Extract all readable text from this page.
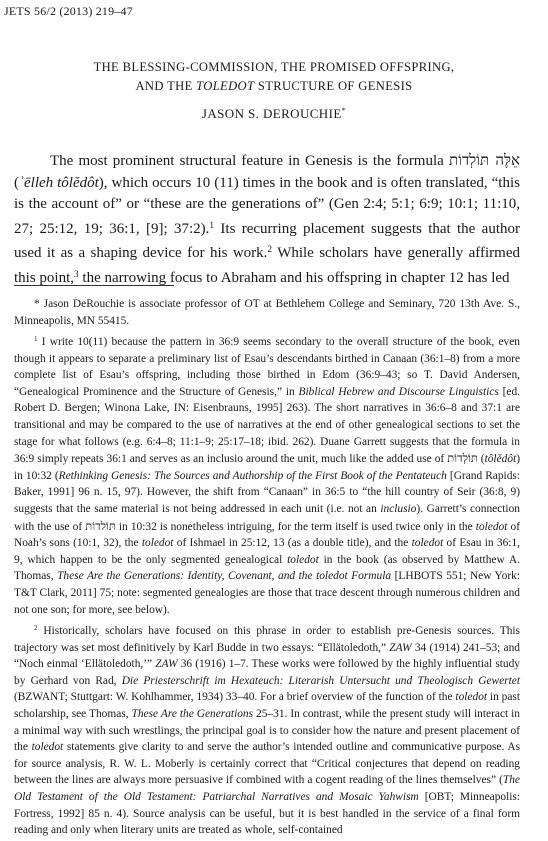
JETS 56/2 (2013) 219–47
THE BLESSING-COMMISSION, THE PROMISED OFFSPRING,
AND THE TOLEDOT STRUCTURE OF GENESIS
JASON S. DEROUCHIE*

The most prominent structural feature in Genesis is the formula אֵלֶּה תּוֹלְדוֹת (ʾēlleh tôlĕdôt), which occurs 10 (11) times in the book and is often translated, “this is the account of” or “these are the generations of” (Gen 2:4; 5:1; 6:9; 10:1; 11:10, 27; 25:12, 19; 36:1, [9]; 37:2).$^1$ Its recurring placement suggests that the author used it as a shaping device for his work.$^2$ While scholars have generally affirmed this point,$^3$ the narrowing focus to Abraham and his offspring in chapter 12 has led

* Jason DeRouchie is associate professor of OT at Bethlehem College and Seminary, 720 13th Ave. S., Minneapolis, MN 55415.

$^1$ I write 10(11) because the pattern in 36:9 seems secondary to the overall structure of the book, even though it appears to separate a preliminary list of Esau’s descendants birthed in Canaan (36:1–8) from a more complete list of Esau’s offspring, including those birthed in Edom (36:9–43; so T. David Andersen, “Genealogical Prominence and the Structure of Genesis,” in Biblical Hebrew and Discourse Linguistics [ed. Robert D. Bergen; Winona Lake, IN: Eisenbrauns, 1995] 263). The short narratives in 36:6–8 and 37:1 are transitional and may be compared to the use of narratives at the end of other genealogical sections to set the stage for what follows (e.g. 6:4–8; 11:1–9; 25:17–18; ibid. 262). Duane Garrett suggests that the formula in 36:9 simply repeats 36:1 and serves as an inclusio around the unit, much like the added use of תּוֹלְדוֹת (tôlĕdôt) in 10:32 (Rethinking Genesis: The Sources and Authorship of the First Book of the Pentateuch [Grand Rapids: Baker, 1991] 96 n. 15, 97). However, the shift from “Canaan” in 36:5 to “the hill country of Seir (36:8, 9) suggests that the same material is not being addressed in each unit (i.e. not an inclusio). Garrett’s connection with the use of תּוֹלדוֹת in 10:32 is nonetheless intriguing, for the term itself is used twice only in the toledot of Noah’s sons (10:1, 32), the toledot of Ishmael in 25:12, 13 (as a double title), and the toledot of Esau in 36:1, 9, which happen to be the only segmented genealogical toledot in the book (as observed by Matthew A. Thomas, These Are the Generations: Identity, Covenant, and the toledot Formula [LHBOTS 551; New York: T&T Clark, 2011] 75; note: segmented genealogies are those that trace descent through numerous children and not one son; for more, see below).

$^2$ Historically, scholars have focused on this phrase in order to establish pre-Genesis sources. This trajectory was set most definitively by Karl Budde in two essays: “Ellätoledoth,” ZAW 34 (1914) 241–53; and “Noch einmal ‘Ellätoledoth,’” ZAW 36 (1916) 1–7. These works were followed by the highly influential study by Gerhard von Rad, Die Priesterschrift im Hexateuch: Literarish Untersucht und Theologisch Gewertet (BZWANT; Stuttgart: W. Kohlhammer, 1934) 33–40. For a brief overview of the function of the toledot in past scholarship, see Thomas, These Are the Generations 25–31. In contrast, while the present study will interact in a minimal way with such wrestlings, the principal goal is to consider how the nature and present placement of the toledot statements give clarity to and serve the author’s intended outline and communicative purpose. As for source analysis, R. W. L. Moberly is certainly correct that “Critical conjectures that depend on reading between the lines are always more persuasive if combined with a cogent reading of the lines themselves” (The Old Testament of the Old Testament: Patriarchal Narratives and Mosaic Yahwism [OBT; Minneapolis: Fortress, 1992] 85 n. 4). Source analysis can be useful, but it is best handled in the service of a final form reading and only when literary units are treated as whole, self-contained
